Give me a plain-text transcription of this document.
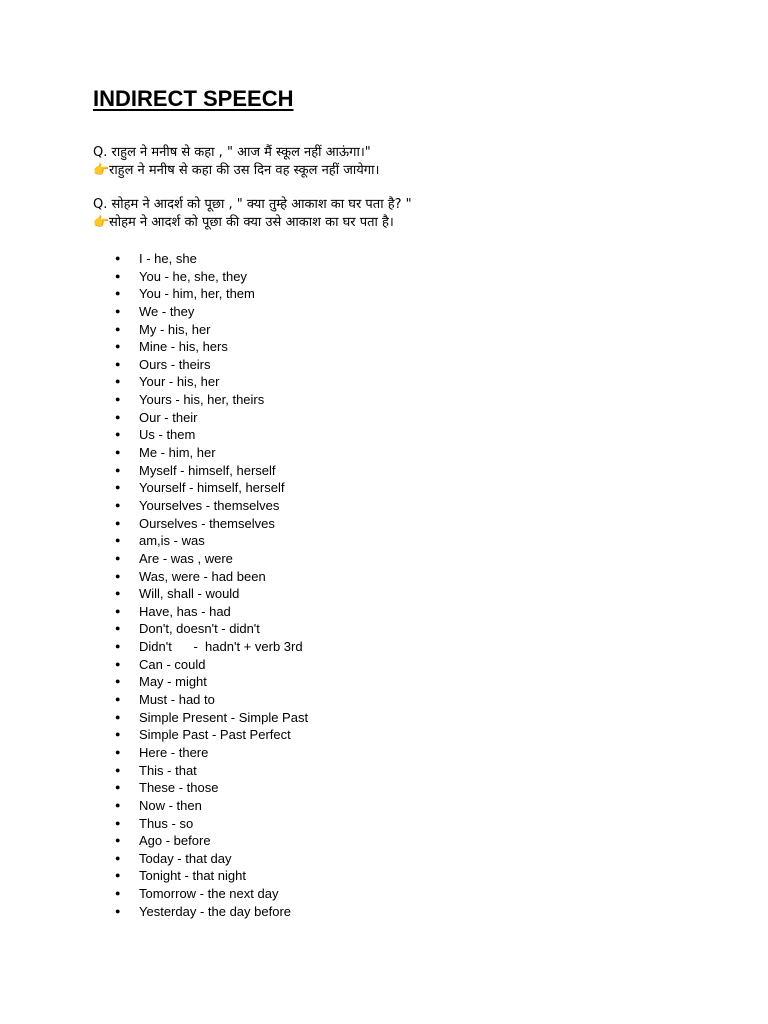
INDIRECT SPEECH

Q. राहुल ने मनीष से कहा , " आज मैं स्कूल नहीं आऊंगा।"

👉राहुल ने मनीष से कहा की उस दिन वह स्कूल नहीं जायेगा।

Q. सोहम ने आदर्श को पूछा , " क्या तुम्हे आकाश का घर पता है? "

👉सोहम ने आदर्श को पूछा की क्या उसे आकाश का घर पता है।

● I - he, she
● You - he, she, they
● You - him, her, them
● We - they
● My - his, her
● Mine - his, hers
● Ours - theirs
● Your - his, her
● Yours - his, her, theirs
● Our - their
● Us - them
● Me - him, her
● Myself - himself, herself
● Yourself - himself, herself
● Yourselves - themselves
● Ourselves - themselves
● am,is - was
● Are - was , were
● Was, were - had been
● Will, shall - would
● Have, has - had
● Don't, doesn't - didn't
● Didn't      -  hadn't + verb 3rd
● Can - could
● May - might
● Must - had to
● Simple Present - Simple Past
● Simple Past - Past Perfect
● Here - there
● This - that
● These - those
● Now - then
● Thus - so
● Ago - before
● Today - that day
● Tonight - that night
● Tomorrow - the next day
● Yesterday - the day before
